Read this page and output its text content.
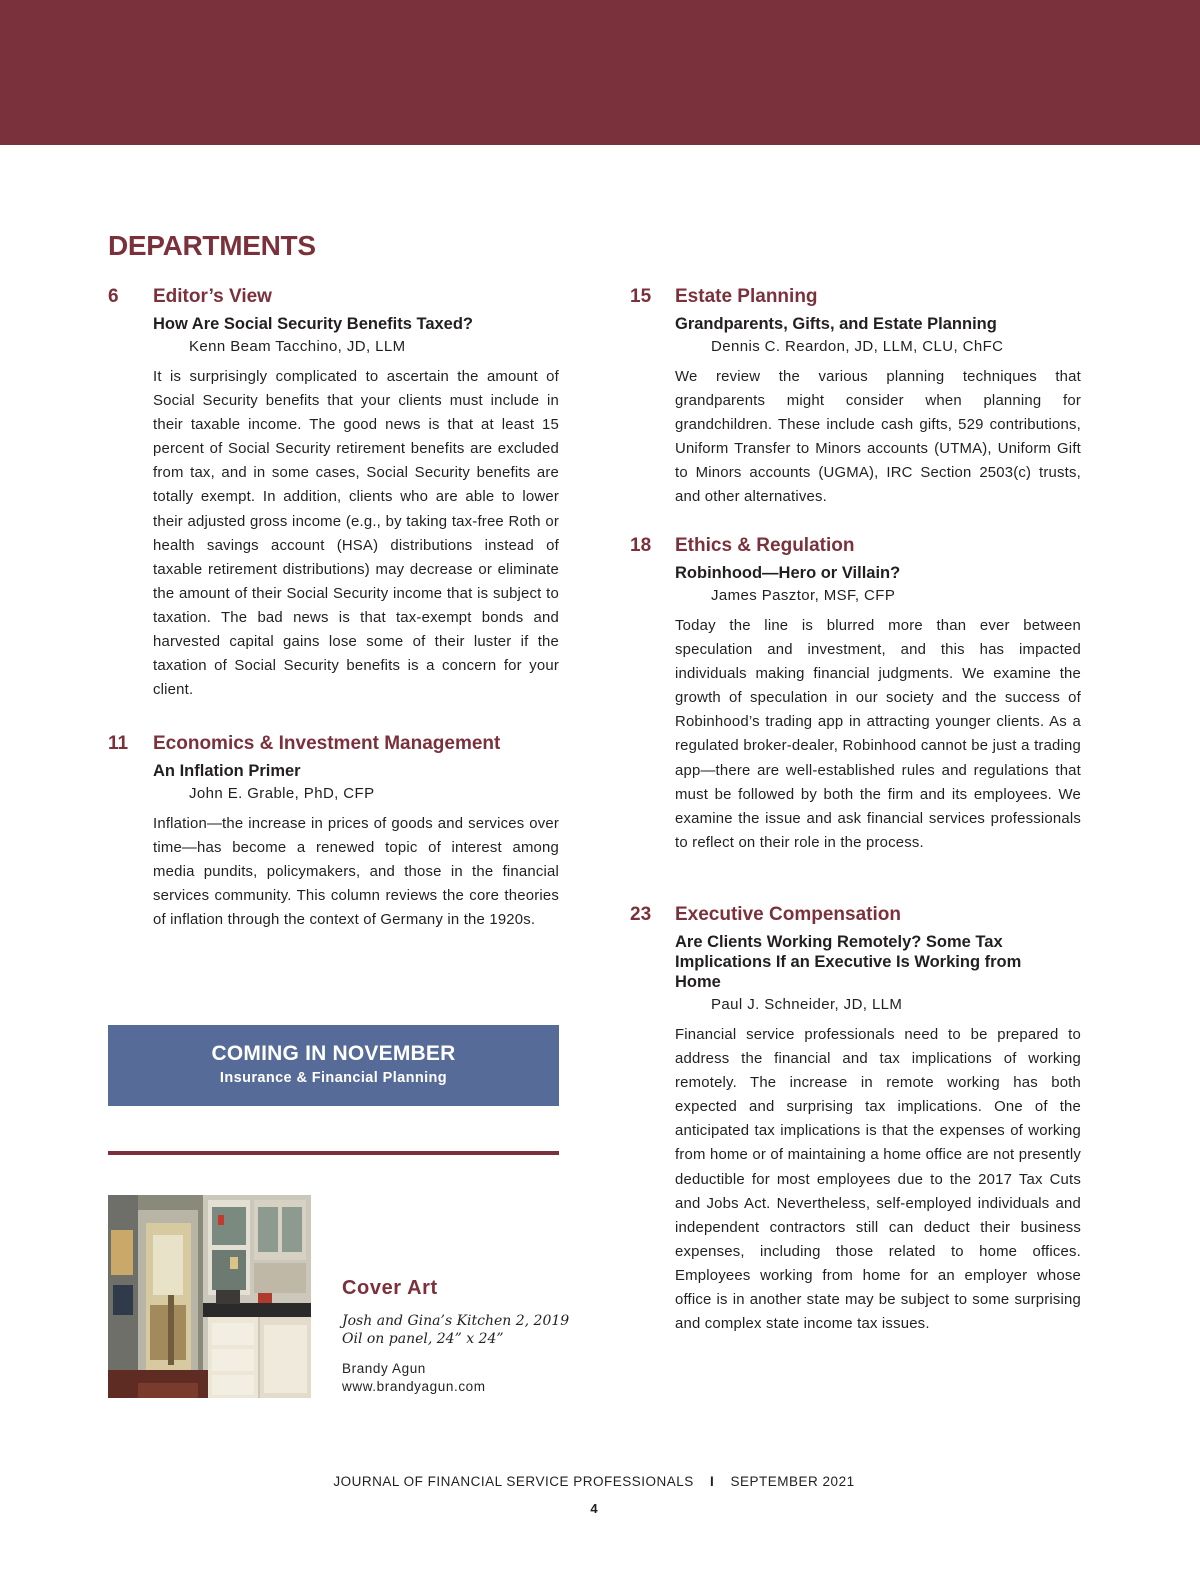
DEPARTMENTS
6 Editor’s View
How Are Social Security Benefits Taxed?
Kenn Beam Tacchino, JD, LLM
It is surprisingly complicated to ascertain the amount of Social Security benefits that your clients must include in their taxable income. The good news is that at least 15 percent of Social Security retirement benefits are excluded from tax, and in some cases, Social Security benefits are totally exempt. In addition, clients who are able to lower their adjusted gross income (e.g., by taking tax-free Roth or health savings account (HSA) distributions instead of taxable retirement distributions) may decrease or eliminate the amount of their Social Security income that is subject to taxation. The bad news is that tax-exempt bonds and harvested capital gains lose some of their luster if the taxation of Social Security benefits is a concern for your client.
11 Economics & Investment Management
An Inflation Primer
John E. Grable, PhD, CFP
Inflation—the increase in prices of goods and services over time—has become a renewed topic of interest among media pundits, policymakers, and those in the financial services community. This column reviews the core theories of inflation through the context of Germany in the 1920s.
15 Estate Planning
Grandparents, Gifts, and Estate Planning
Dennis C. Reardon, JD, LLM, CLU, ChFC
We review the various planning techniques that grandparents might consider when planning for grandchildren. These include cash gifts, 529 contributions, Uniform Transfer to Minors accounts (UTMA), Uniform Gift to Minors accounts (UGMA), IRC Section 2503(c) trusts, and other alternatives.
18 Ethics & Regulation
Robinhood—Hero or Villain?
James Pasztor, MSF, CFP
Today the line is blurred more than ever between speculation and investment, and this has impacted individuals making financial judgments. We examine the growth of speculation in our society and the success of Robinhood’s trading app in attracting younger clients. As a regulated broker-dealer, Robinhood cannot be just a trading app—there are well-established rules and regulations that must be followed by both the firm and its employees. We examine the issue and ask financial services professionals to reflect on their role in the process.
23 Executive Compensation
Are Clients Working Remotely? Some Tax Implications If an Executive Is Working from Home
Paul J. Schneider, JD, LLM
Financial service professionals need to be prepared to address the financial and tax implications of working remotely. The increase in remote working has both expected and surprising tax implications. One of the anticipated tax implications is that the expenses of working from home or of maintaining a home office are not presently deductible for most employees due to the 2017 Tax Cuts and Jobs Act. Nevertheless, self-employed individuals and independent contractors still can deduct their business expenses, including those related to home offices. Employees working from home for an employer whose office is in another state may be subject to some surprising and complex state income tax issues.
COMING IN NOVEMBER
Insurance & Financial Planning
Cover Art
Josh and Gina’s Kitchen 2, 2019
Oil on panel, 24” x 24”
Brandy Agun
www.brandyagun.com
JOURNAL OF FINANCIAL SERVICE PROFESSIONALS I SEPTEMBER 2021
4
